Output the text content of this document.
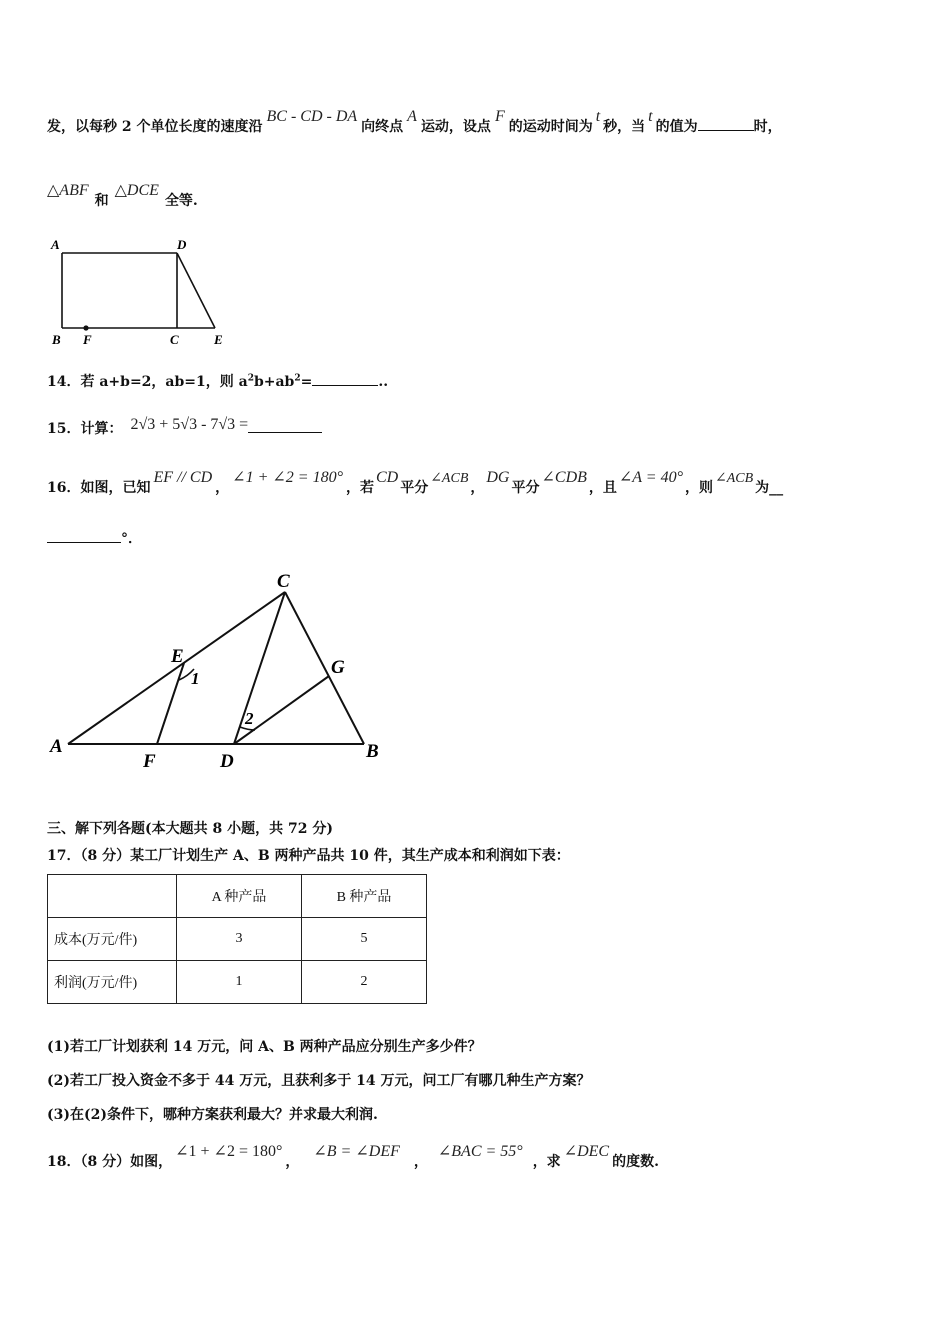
发，以每秒 2 个单位长度的速度沿BC - CD - DA向终点A运动，设点F的运动时间为t秒，当t的值为	时，
△ABF和△DCE全等.
A	D
B F	C	E
C
E
1
G
2
A
F	D	B
14．若 a+b=2，ab=1，则 $a^2b+ab^2=$	..
15．计算： 2√3 + 5√3 - 7√3 =
16．如图，已知EF // CD，∠1 + ∠2 = 180°，若CD平分∠ACB，DG平分∠CDB，且∠A = 40°，则∠ACB为__
°．
三、解下列各题(本大题共 8 小题，共 72 分)
17．（8 分）某工厂计划生产 A、B 两种产品共 10 件，其生产成本和利润如下表：
	A 种产品	B 种产品
成本(万元/件)	3	5
利润(万元/件)	1	2
(1)若工厂计划获利 14 万元，问 A、B 两种产品应分别生产多少件？
(2)若工厂投入资金不多于 44 万元，且获利多于 14 万元，问工厂有哪几种生产方案？
(3)在(2)条件下，哪种方案获利最大？并求最大利润.
18．（8 分）如图，∠1 + ∠2 = 180°，∠B = ∠DEF，∠BAC = 55°，求∠DEC的度数.
